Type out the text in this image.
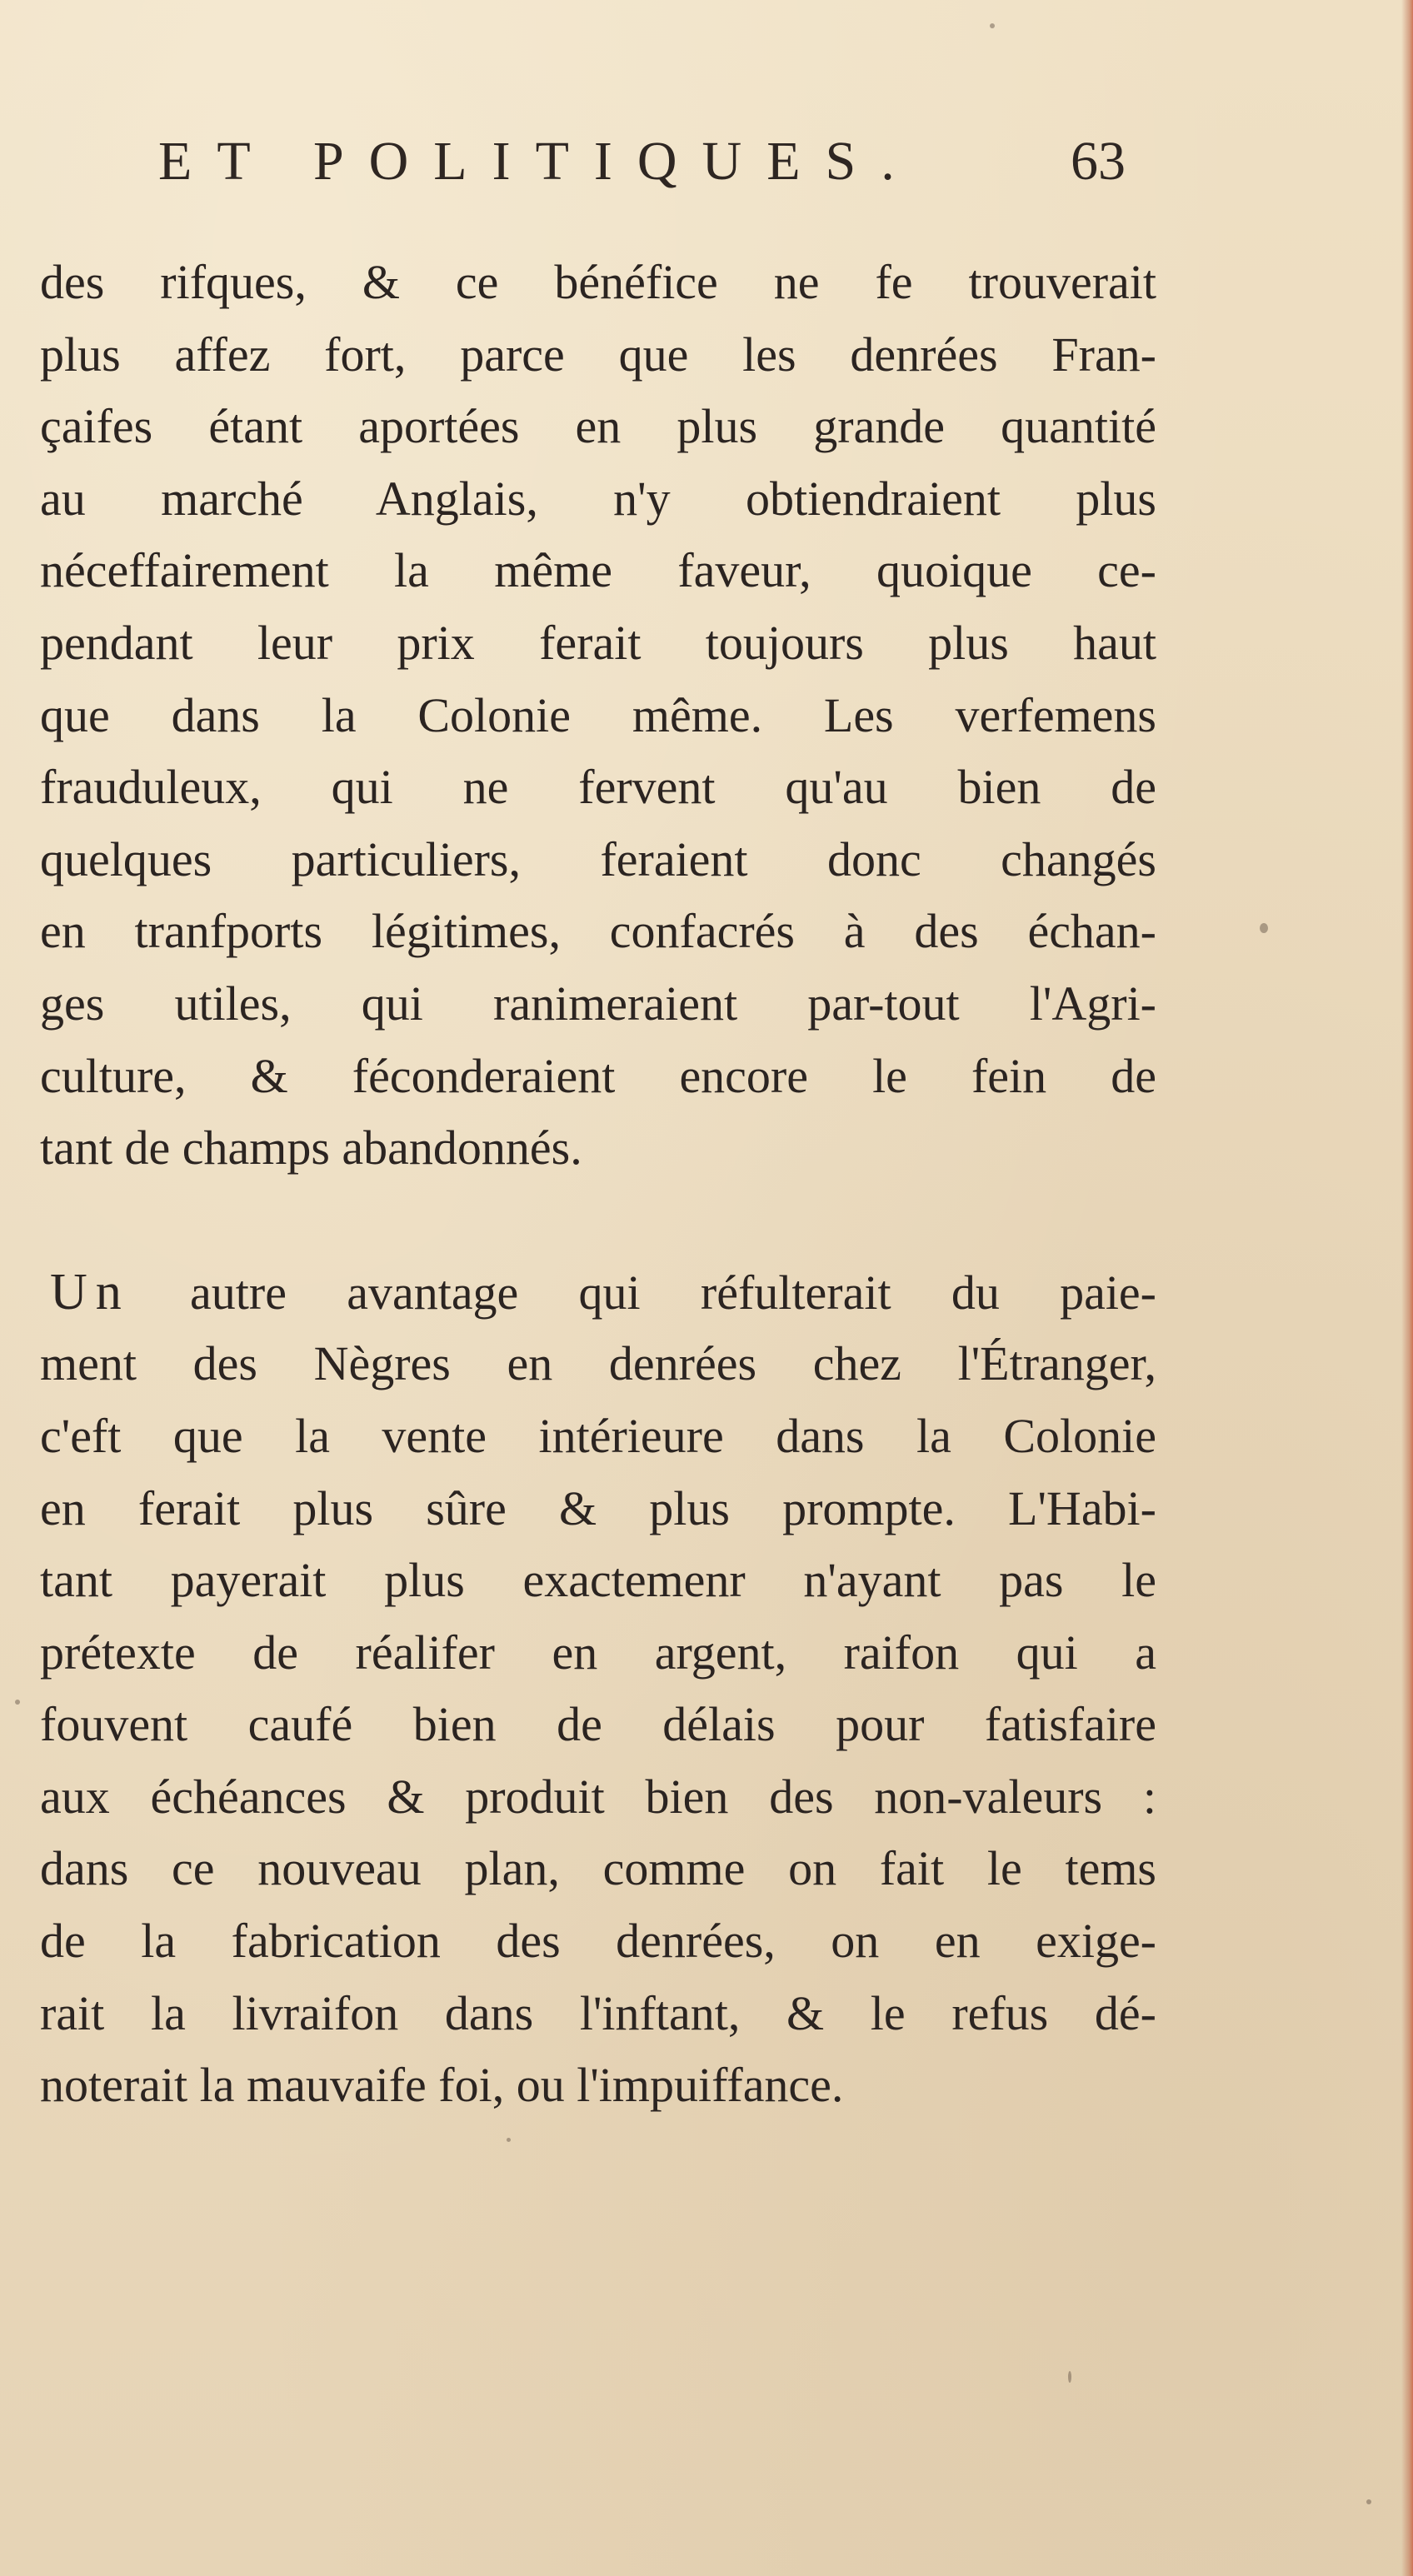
ET POLITIQUES.	63
des rifques, & ce bénéfice ne fe trouverait
plus affez fort, parce que les denrées Fran-
çaifes étant aportées en plus grande quantité
au marché Anglais, n'y obtiendraient plus
néceffairement la même faveur, quoique ce-
pendant leur prix ferait toujours plus haut
que dans la Colonie même. Les verfemens
frauduleux, qui ne fervent qu'au bien de
quelques particuliers, feraient donc changés
en tranfports légitimes, confacrés à des échan-
ges utiles, qui ranimeraient par-tout l'Agri-
culture, & féconderaient encore le fein de
tant de champs abandonnés.
Un autre avantage qui réfulterait du paie-
ment des Nègres en denrées chez l'Étranger,
c'eft que la vente intérieure dans la Colonie
en ferait plus sûre & plus prompte. L'Habi-
tant payerait plus exactemenr n'ayant pas le
prétexte de réalifer en argent, raifon qui a
fouvent caufé bien de délais pour fatisfaire
aux échéances & produit bien des non-valeurs :
dans ce nouveau plan, comme on fait le tems
de la fabrication des denrées, on en exige-
rait la livraifon dans l'inftant, & le refus dé-
noterait la mauvaife foi, ou l'impuiffance.
